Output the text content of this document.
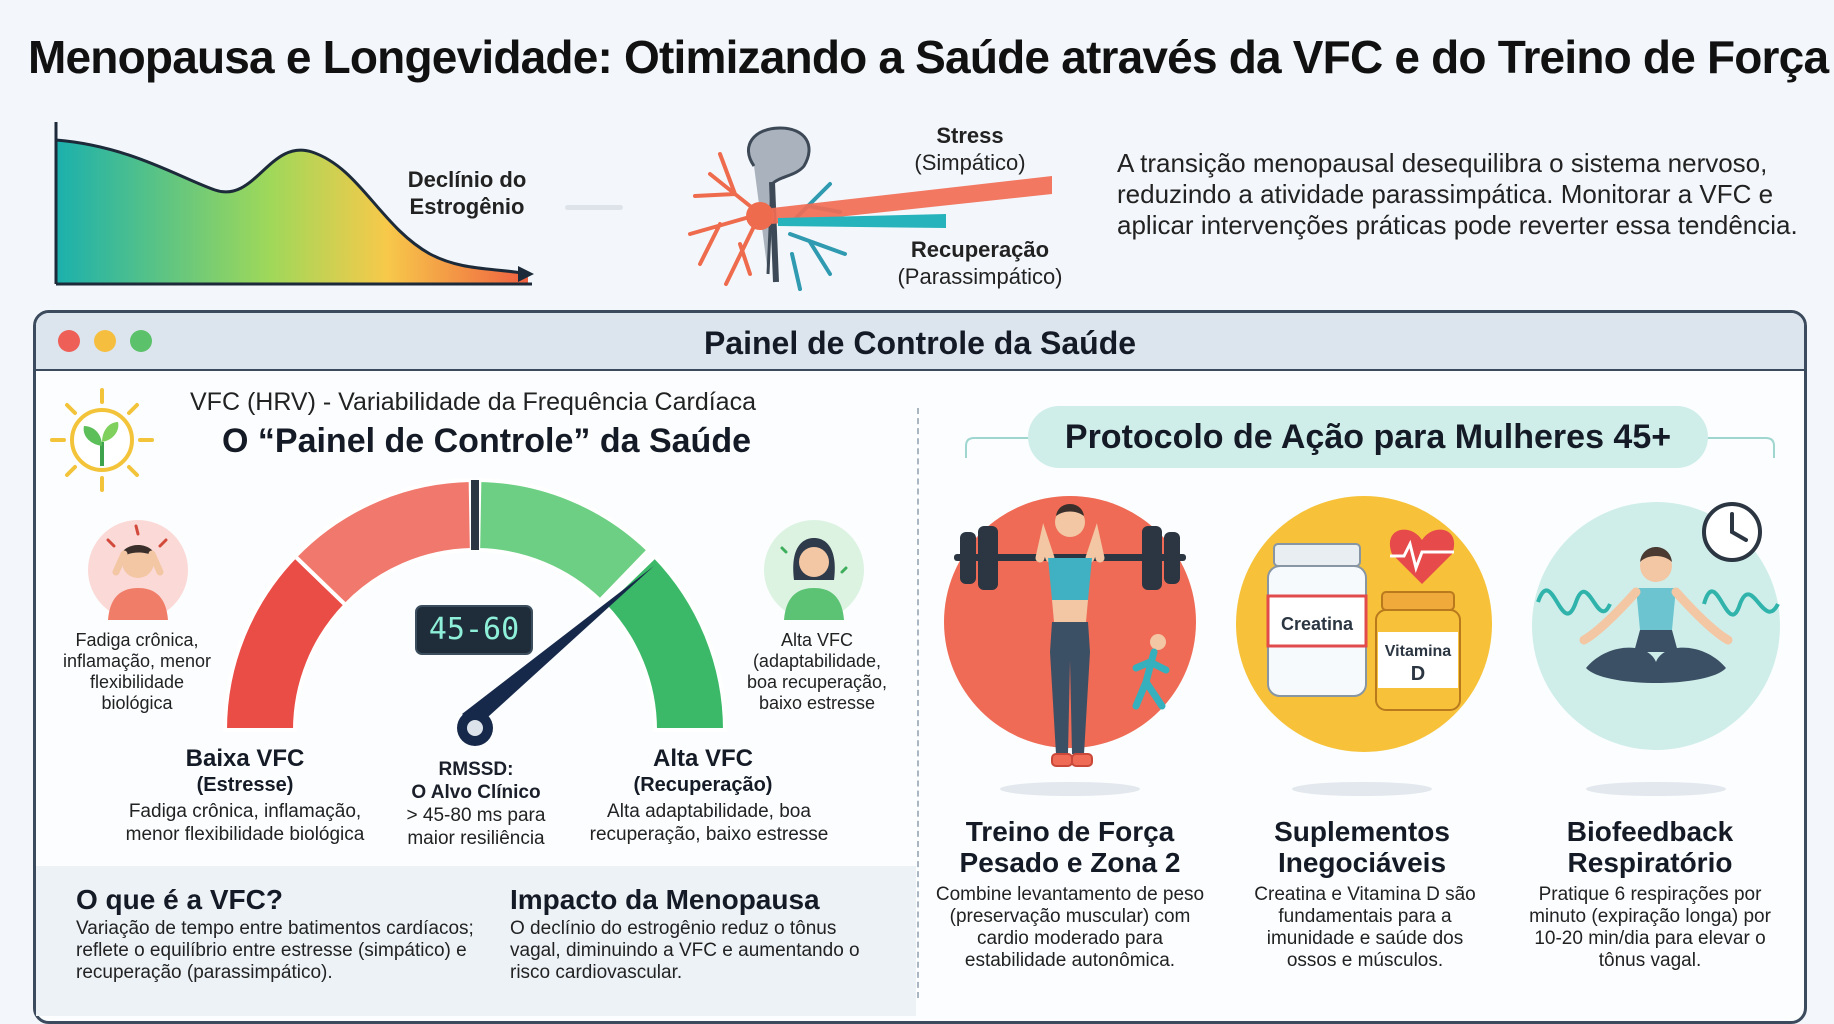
Menopausa e Longevidade: Otimizando a Saúde através da VFC e do Treino de Força
Declínio do Estrogênio
Stress
(Simpático)
Recuperação
(Parassimpático)
A transição menopausal desequilibra o sistema nervoso, reduzindo a atividade parassimpática. Monitorar a VFC e aplicar intervenções práticas pode reverter essa tendência.
Painel de Controle da Saúde
VFC (HRV) - Variabilidade da Frequência Cardíaca
O “Painel de Controle” da Saúde
Fadiga crônica, inflamação, menor flexibilidade biológica
Alta VFC (adaptabilidade, boa recuperação, baixo estresse
45-60
Baixa VFC
(Estresse)
Fadiga crônica, inflamação, menor flexibilidade biológica
RMSSD:
O Alvo Clínico
> 45-80 ms para maior resiliência
Alta VFC
(Recuperação)
Alta adaptabilidade, boa recuperação, baixo estresse
O que é a VFC?
Variação de tempo entre batimentos cardíacos; reflete o equilíbrio entre estresse (simpático) e recuperação (parassimpático).
Impacto da Menopausa
O declínio do estrogênio reduz o tônus vagal, diminuindo a VFC e aumentando o risco cardiovascular.
Protocolo de Ação para Mulheres 45+
Creatina
Vitamina
D
Treino de Força
Pesado e Zona 2
Combine levantamento de peso (preservação muscular) com cardio moderado para estabilidade autonômica.
Suplementos
Inegociáveis
Creatina e Vitamina D são fundamentais para a imunidade e saúde dos ossos e músculos.
Biofeedback
Respiratório
Pratique 6 respirações por minuto (expiração longa) por 10-20 min/dia para elevar o tônus vagal.
